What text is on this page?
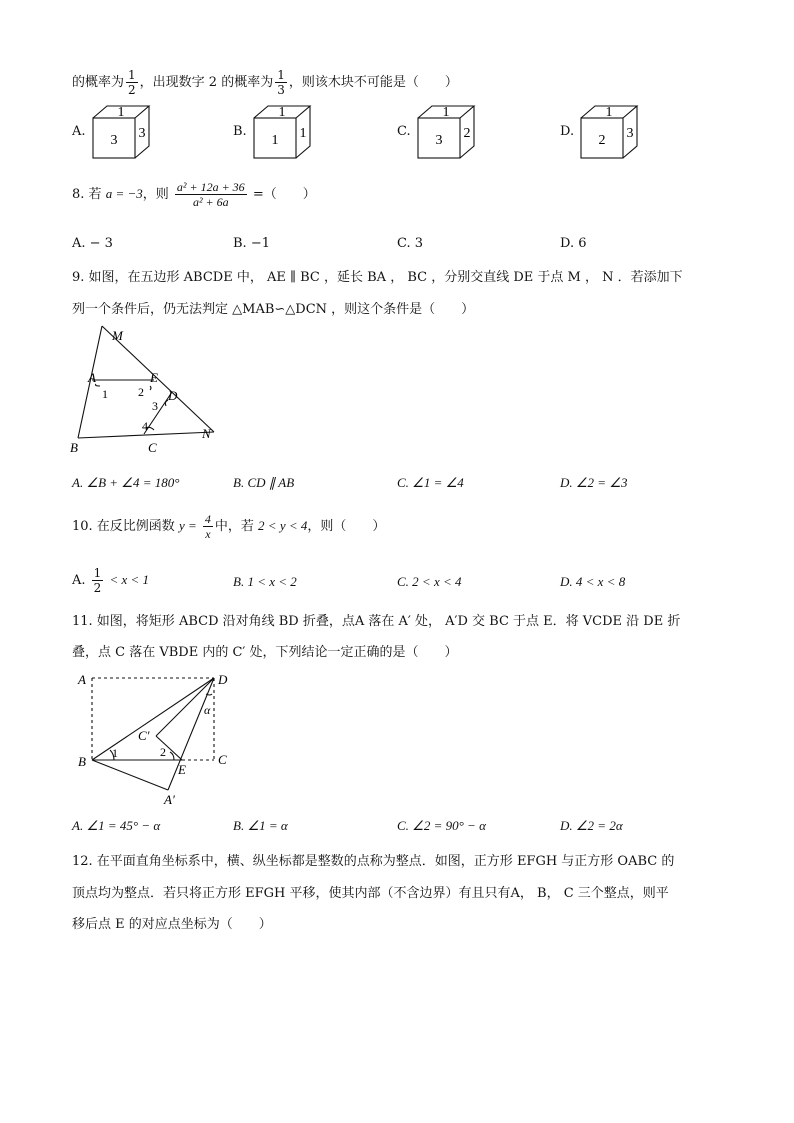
的概率为 $\frac{1}{2}$ ，出现数字 2 的概率为 $\frac{1}{3}$ ，则该木块不可能是（　　）
A.
1
3 3	B.
1
1 1	C.
1
3 2	D.
1
2 3
8. 若 a = −3，则 $\frac{\text{a² + 12a + 36}}{\text{a² + 6a}}$ =（　　）
A. − 3	B. −1	C. 3	D. 6
9. 如图，在五边形 ABCDE 中， AE ∥ BC ，延长 BA ， BC ，分别交直线 DE 于点 M ， N ．若添加下
列一个条件后，仍无法判定 △MAB∽△DCN ，则这个条件是（　　）
M
A	E
D
B	C
N
1	2
3
4
A. ∠B + ∠4 = 180°	B. CD ∥ AB	C. ∠1 = ∠4	D. ∠2 = ∠3
10. 在反比例函数 $y = \frac{4}{x}$ 中，若 2 < y < 4，则（　　）
A. $\frac{1}{2} < x < 1$	B. 1 < x < 2	C. 2 < x < 4	D. 4 < x < 8
11. 如图，将矩形 ABCD 沿对角线 BD 折叠，点A 落在 A′ 处， A′D 交 BC 于点 E．将 VCDE 沿 DE 折
叠，点 C 落在 VBDE 内的 C′ 处，下列结论一定正确的是（　　）
A	D
B	C
E
C′
A′
1	2
α
A. ∠1 = 45° − α	B. ∠1 = α	C. ∠2 = 90° − α	D. ∠2 = 2α
12. 在平面直角坐标系中，横、纵坐标都是整数的点称为整点．如图，正方形 EFGH 与正方形 OABC 的
顶点均为整点．若只将正方形 EFGH 平移，使其内部（不含边界）有且只有A， B， C 三个整点，则平
移后点 E 的对应点坐标为（　　）
